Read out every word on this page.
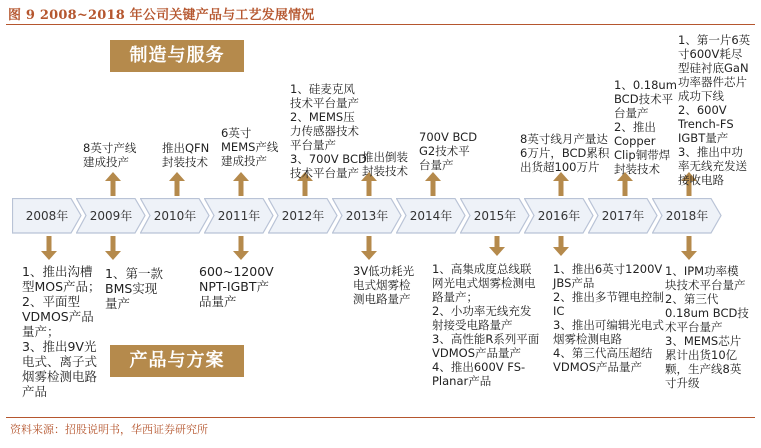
图 9 2008~2018 年公司关键产品与工艺发展情况
制造与服务
产品与方案
2008年	2009年	2010年	2011年	2012年	2013年	2014年	2015年	2016年	2017年	2018年
8英寸产线
建成投产
推出QFN
封装技术
6英寸
MEMS产线
建成投产
1、硅麦克风
技术平台量产
2、MEMS压
力传感器技术
平台量产
3、700V BCD
技术平台量产
推出倒装
封装技术
700V BCD
G2技术平
台量产
8英寸线月产量达
6万片，BCD累积
出货超100万片
1、0.18um
BCD技术平
台量产
2、推出
Copper
Clip铜带焊
封装技术
1、第一片6英
寸600V耗尽
型硅衬底GaN
功率器件芯片
成功下线
2、600V
Trench-FS
IGBT量产
3、推出中功
率无线充发送
接收电路
1、推出沟槽
型MOS产品；
2、平面型
VDMOS产品
量产；
3、推出9V光
电式、离子式
烟雾检测电路
产品
1、第一款
BMS实现
量产
600~1200V
NPT-IGBT产
品量产
3V低功耗光
电式烟雾检
测电路量产
1、高集成度总线联
网光电式烟雾检测电
路量产；
2、小功率无线充发
射接受电路量产
3、高性能R系列平面
VDMOS产品量产
4、推出600V FS-
Planar产品
1、推出6英寸1200V
JBS产品
2、推出多节锂电控制
IC
3、推出可编辑光电式
烟雾检测电路
4、第三代高压超结
VDMOS产品量产
1、IPM功率模
块技术平台量产
2、第三代
0.18um BCD技
术平台量产
3、MEMS芯片
累计出货10亿
颗，生产线8英
寸升级
资料来源：招股说明书，华西证券研究所
